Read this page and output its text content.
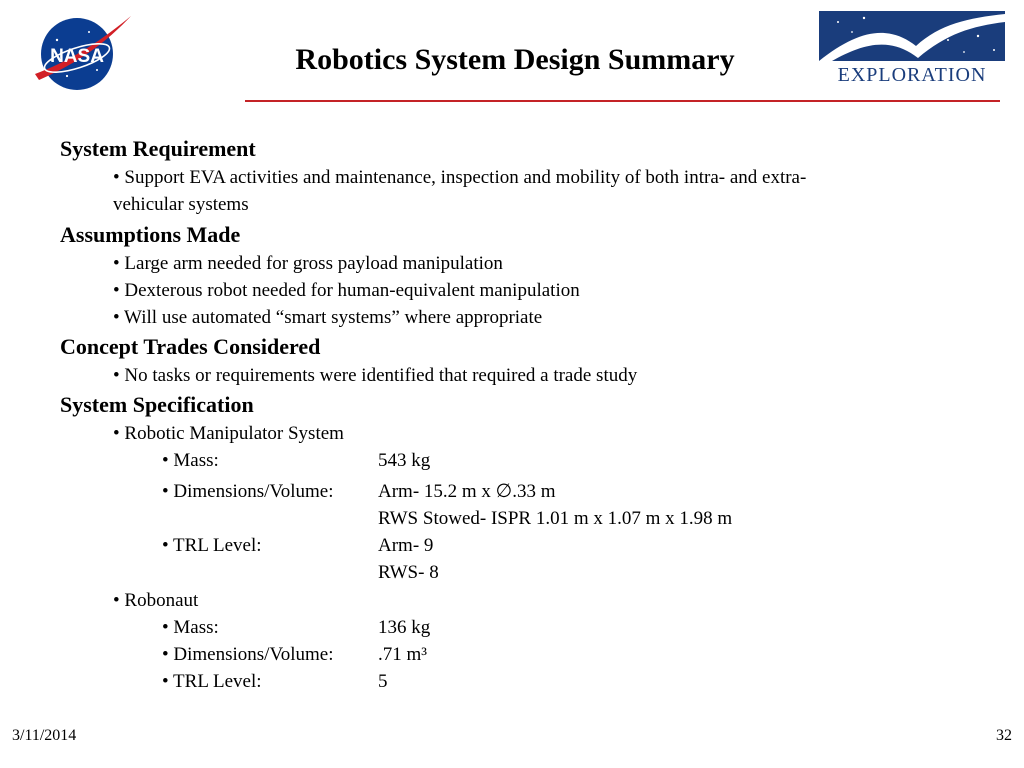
NASA	Robotics System Design Summary	EXPLORATION
System Requirement
• Support EVA activities and maintenance, inspection and mobility of both intra- and extra-
vehicular systems
Assumptions Made
• Large arm needed for gross payload manipulation
• Dexterous robot needed for human-equivalent manipulation
• Will use automated “smart systems” where appropriate
Concept Trades Considered
• No tasks or requirements were identified that required a trade study
System Specification
• Robotic Manipulator System
• Mass:	543 kg
• Dimensions/Volume: Arm- 15.2 m x ∅.33 m
RWS Stowed- ISPR 1.01 m x 1.07 m x 1.98 m
• TRL Level:	Arm- 9
RWS- 8
• Robonaut
• Mass:	136 kg
• Dimensions/Volume: .71 m³
• TRL Level:	5
3/11/2014	32
